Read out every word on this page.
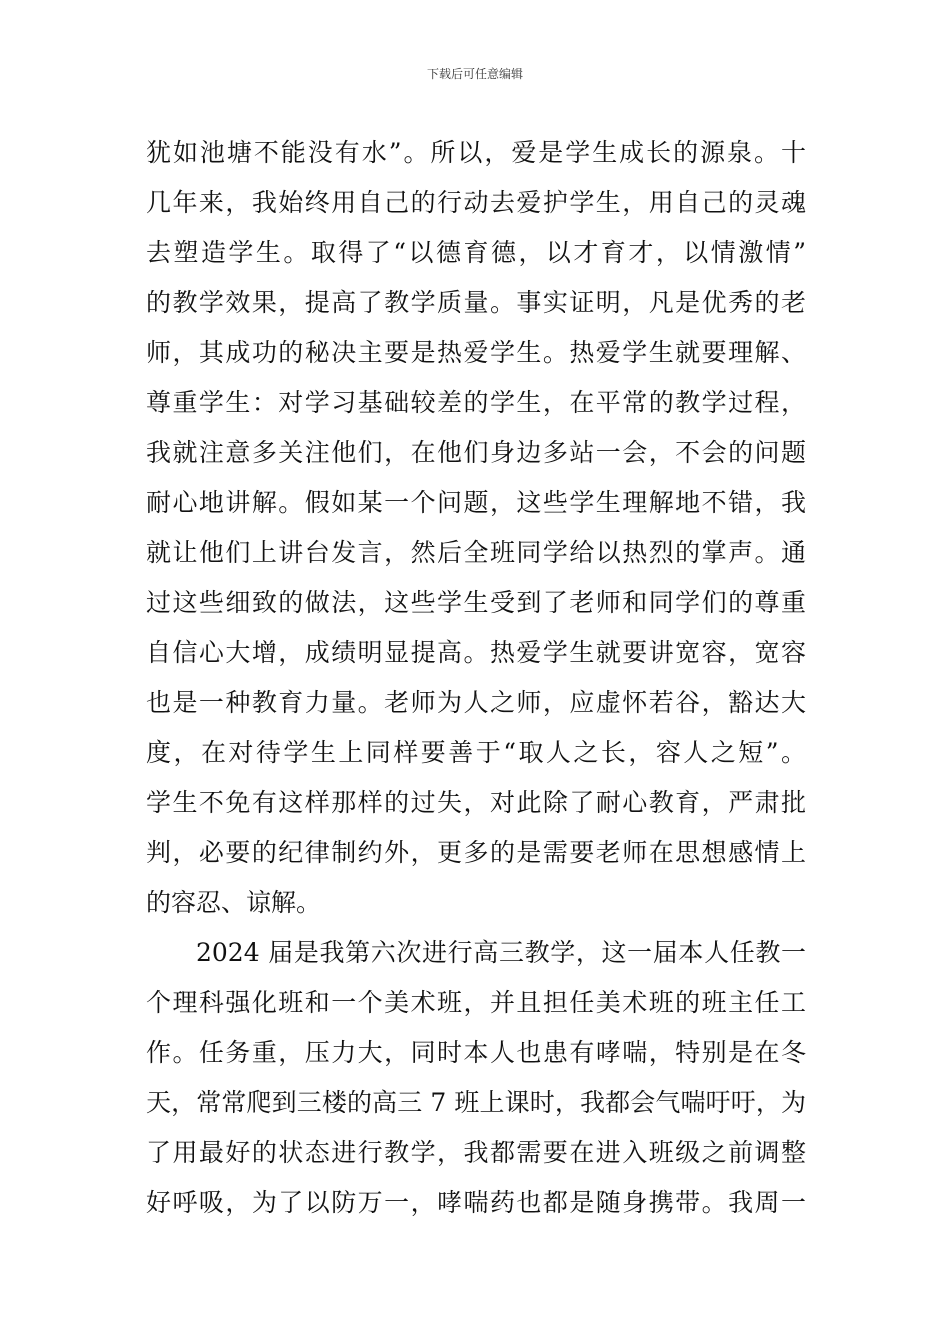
下载后可任意编辑
犹如池塘不能没有水”。所以，爱是学生成长的源泉。十
几年来，我始终用自己的行动去爱护学生，用自己的灵魂
去塑造学生。取得了“以德育德，以才育才，以情激情”
的教学效果，提高了教学质量。事实证明，凡是优秀的老
师，其成功的秘决主要是热爱学生。热爱学生就要理解、
尊重学生：对学习基础较差的学生，在平常的教学过程，
我就注意多关注他们，在他们身边多站一会，不会的问题
耐心地讲解。假如某一个问题，这些学生理解地不错，我
就让他们上讲台发言，然后全班同学给以热烈的掌声。通
过这些细致的做法，这些学生受到了老师和同学们的尊重
自信心大增，成绩明显提高。热爱学生就要讲宽容，宽容
也是一种教育力量。老师为人之师，应虚怀若谷，豁达大
度，在对待学生上同样要善于“取人之长，容人之短”。
学生不免有这样那样的过失，对此除了耐心教育，严肃批
判，必要的纪律制约外，更多的是需要老师在思想感情上
的容忍、谅解。
2024 届是我第六次进行高三教学，这一届本人任教一
个理科强化班和一个美术班，并且担任美术班的班主任工
作。任务重，压力大，同时本人也患有哮喘，特别是在冬
天，常常爬到三楼的高三 7 班上课时，我都会气喘吁吁，为
了用最好的状态进行教学，我都需要在进入班级之前调整
好呼吸，为了以防万一，哮喘药也都是随身携带。我周一
